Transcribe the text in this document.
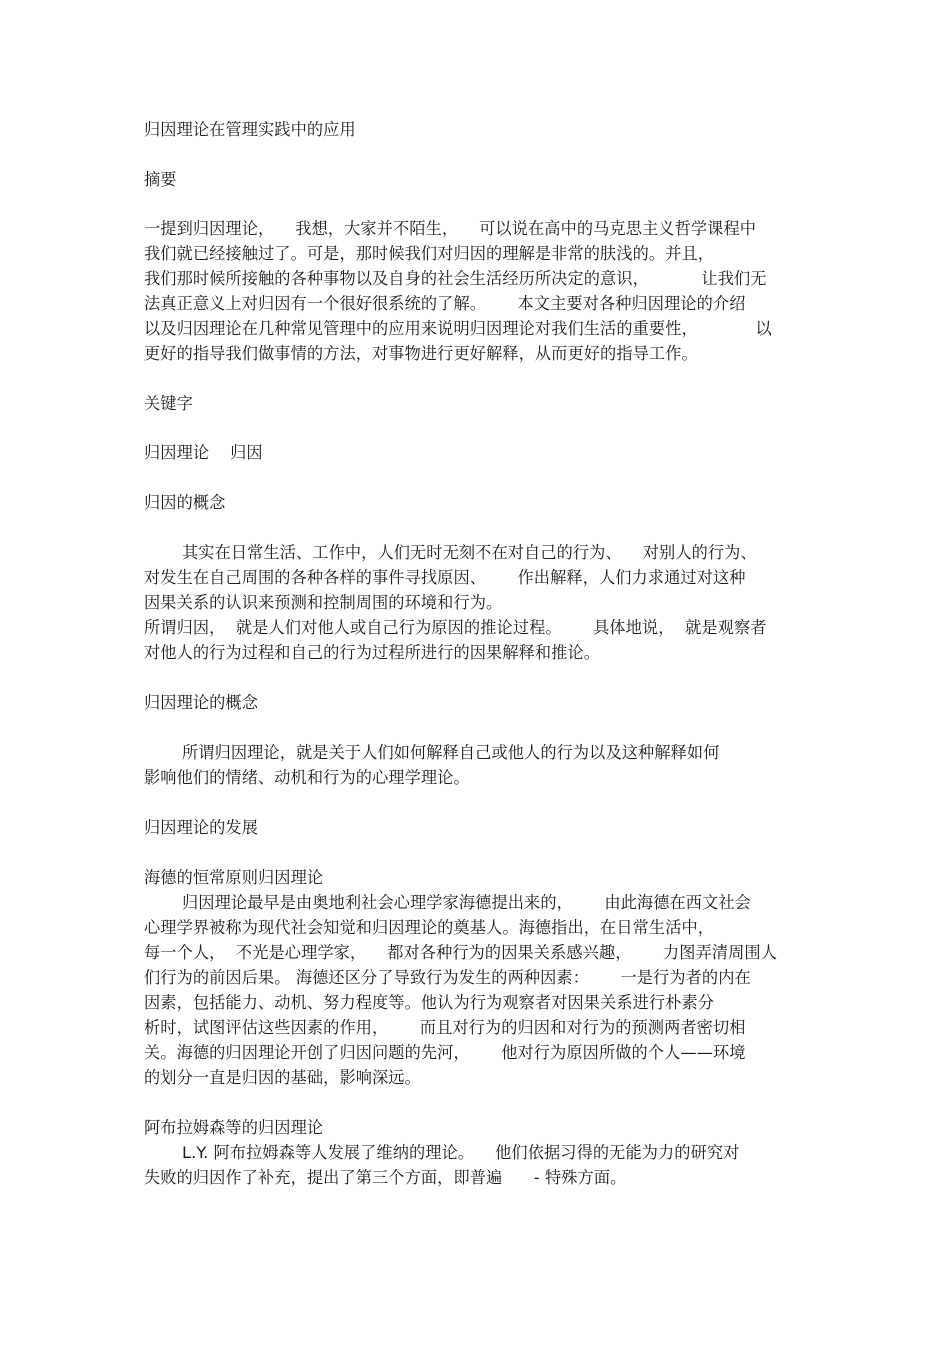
归因理论在管理实践中的应用
摘要
一提到归因理论，    我想，大家并不陌生，    可以说在高中的马克思主义哲学课程中
我们就已经接触过了。可是，那时候我们对归因的理解是非常的肤浅的。并且，
我们那时候所接触的各种事物以及自身的社会生活经历所决定的意识，          让我们无
法真正意义上对归因有一个很好很系统的了解。      本文主要对各种归因理论的介绍
以及归因理论在几种常见管理中的应用来说明归因理论对我们生活的重要性，           以
更好的指导我们做事情的方法，对事物进行更好解释，从而更好的指导工作。
关键字
归因理论    归因
归因的概念
其实在日常生活、工作中，人们无时无刻不在对自己的行为、    对别人的行为、
对发生在自己周围的各种各样的事件寻找原因、      作出解释，人们力求通过对这种
因果关系的认识来预测和控制周围的环境和行为。
所谓归因，  就是人们对他人或自己行为原因的推论过程。      具体地说，  就是观察者
对他人的行为过程和自己的行为过程所进行的因果解释和推论。
归因理论的概念
所谓归因理论，就是关于人们如何解释自己或他人的行为以及这种解释如何
影响他们的情绪、动机和行为的心理学理论。
归因理论的发展
海德的恒常原则归因理论
归因理论最早是由奥地利社会心理学家海德提出来的，      由此海德在西文社会
心理学界被称为现代社会知觉和归因理论的奠基人。海德指出，在日常生活中，
每一个人，  不光是心理学家，    都对各种行为的因果关系感兴趣，      力图弄清周围人
们行为的前因后果。 海德还区分了导致行为发生的两种因素：      一是行为者的内在
因素，包括能力、动机、努力程度等。他认为行为观察者对因果关系进行朴素分
析时，试图评估这些因素的作用，      而且对行为的归因和对行为的预测两者密切相
关。海德的归因理论开创了归因问题的先河，      他对行为原因所做的个人——环境
的划分一直是归因的基础，影响深远。
阿布拉姆森等的归因理论
L.Y. 阿布拉姆森等人发展了维纳的理论。    他们依据习得的无能为力的研究对
失败的归因作了补充，提出了第三个方面，即普遍      - 特殊方面。
